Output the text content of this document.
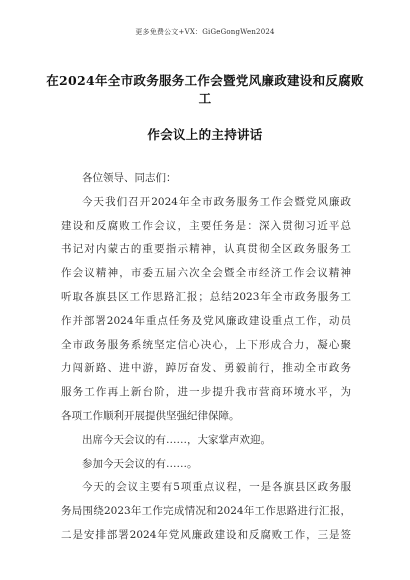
更多免费公文+VX：GiGeGongWen2024
在2024年全市政务服务工作会暨党风廉政建设和反腐败工
作会议上的主持讲话
各位领导、同志们：
今天我们召开2024年全市政务服务工作会暨党风廉政
建设和反腐败工作会议，主要任务是：深入贯彻习近平总
书记对内蒙古的重要指示精神，认真贯彻全区政务服务工
作会议精神，市委五届六次全会暨全市经济工作会议精神
听取各旗县区工作思路汇报；总结2023年全市政务服务工
作并部署2024年重点任务及党风廉政建设重点工作，动员
全市政务服务系统坚定信心决心，上下形成合力，凝心聚
力闯新路、进中游，踔厉奋发、勇毅前行，推动全市政务
服务工作再上新台阶，进一步提升我市营商环境水平，为
各项工作顺利开展提供坚强纪律保障。
出席今天会议的有……，大家掌声欢迎。
参加今天会议的有……。
今天的会议主要有5项重点议程，一是各旗县区政务服
务局围绕2023年工作完成情况和2024年工作思路进行汇报，
二是安排部署2024年党风廉政建设和反腐败工作，三是签
